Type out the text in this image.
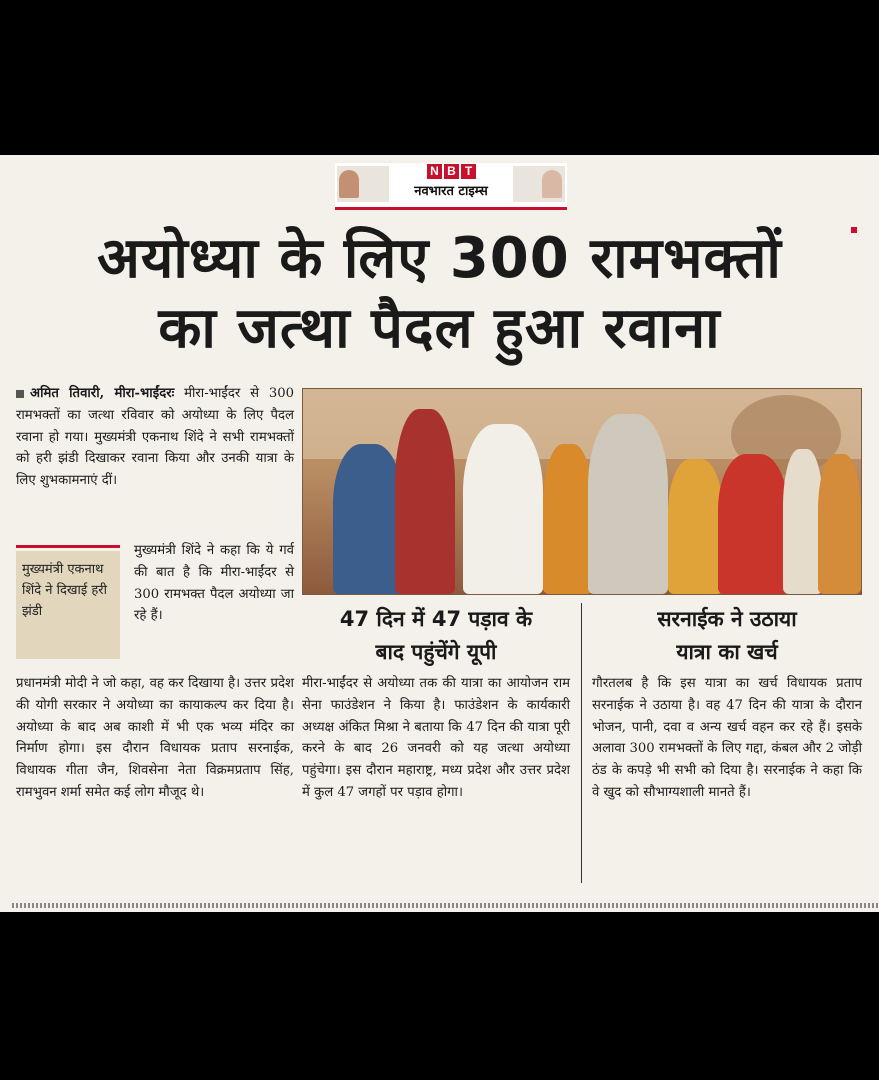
N B T
नवभारत टाइम्स
अयोध्या के लिए 300 रामभक्तों
का जत्था पैदल हुआ रवाना
अमित तिवारी, मीरा-भाईंदरः मीरा-भाईंदर से 300 रामभक्तों का जत्था रविवार को अयोध्या के लिए पैदल रवाना हो गया। मुख्यमंत्री एकनाथ शिंदे ने सभी रामभक्तों को हरी झंडी दिखाकर रवाना किया और उनकी यात्रा के लिए शुभकामनाएं दीं।
मुख्यमंत्री एकनाथ शिंदे ने दिखाई हरी झंडी
मुख्यमंत्री शिंदे ने कहा कि ये गर्व की बात है कि मीरा-भाईंदर से 300 रामभक्त पैदल अयोध्या जा रहे हैं।
प्रधानमंत्री मोदी ने जो कहा, वह कर दिखाया है। उत्तर प्रदेश की योगी सरकार ने अयोध्या का कायाकल्प कर दिया है। अयोध्या के बाद अब काशी में भी एक भव्य मंदिर का निर्माण होगा। इस दौरान विधायक प्रताप सरनाईक, विधायक गीता जैन, शिवसेना नेता विक्रमप्रताप सिंह, रामभुवन शर्मा समेत कई लोग मौजूद थे।
47 दिन में 47 पड़ाव के
बाद पहुंचेंगे यूपी
मीरा-भाईंदर से अयोध्या तक की यात्रा का आयोजन राम सेना फाउंडेशन ने किया है। फाउंडेशन के कार्यकारी अध्यक्ष अंकित मिश्रा ने बताया कि 47 दिन की यात्रा पूरी करने के बाद 26 जनवरी को यह जत्था अयोध्या पहुंचेगा। इस दौरान महाराष्ट्र, मध्य प्रदेश और उत्तर प्रदेश में कुल 47 जगहों पर पड़ाव होगा।
सरनाईक ने उठाया
यात्रा का खर्च
गौरतलब है कि इस यात्रा का खर्च विधायक प्रताप सरनाईक ने उठाया है। वह 47 दिन की यात्रा के दौरान भोजन, पानी, दवा व अन्य खर्च वहन कर रहे हैं। इसके अलावा 300 रामभक्तों के लिए गद्दा, कंबल और 2 जोड़ी ठंड के कपड़े भी सभी को दिया है। सरनाईक ने कहा कि वे खुद को सौभाग्यशाली मानते हैं।
